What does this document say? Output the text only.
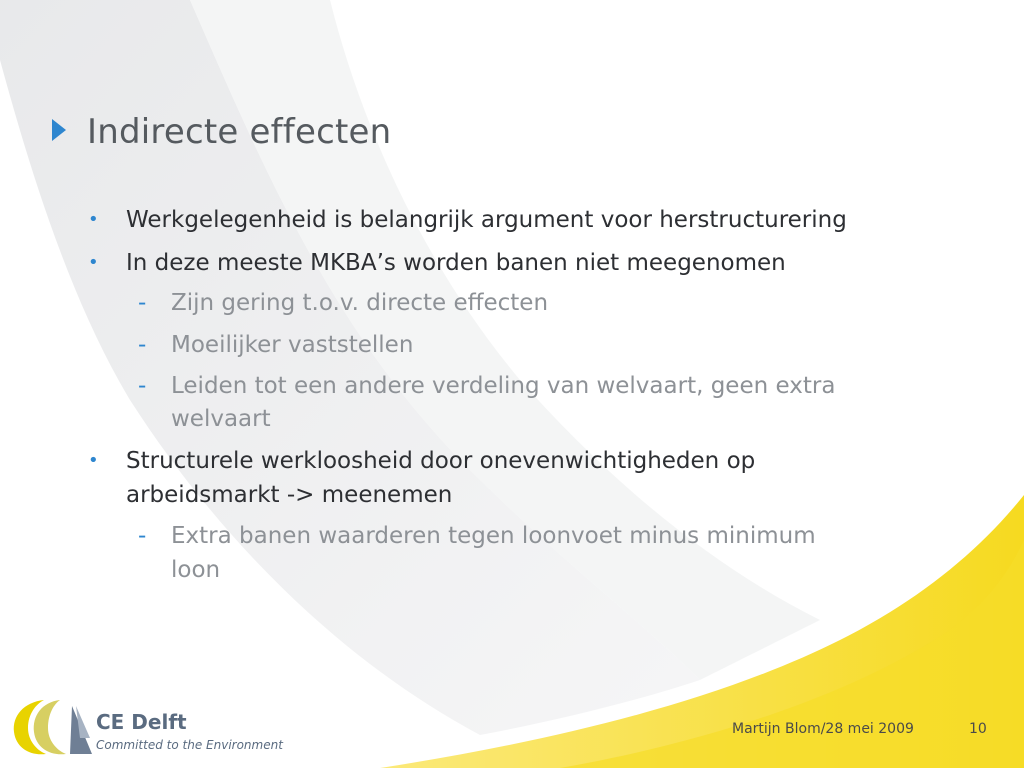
Indirecte effecten
• Werkgelegenheid is belangrijk argument voor herstructurering
• In deze meeste MKBA’s worden banen niet meegenomen
- Zijn gering t.o.v. directe effecten
- Moeilijker vaststellen
- Leiden tot een andere verdeling van welvaart, geen extra
welvaart
• Structurele werkloosheid door onevenwichtigheden op
arbeidsmarkt -> meenemen
- Extra banen waarderen tegen loonvoet minus minimum
loon
CE Delft
Committed to the Environment
Martijn Blom/28 mei 2009	10
